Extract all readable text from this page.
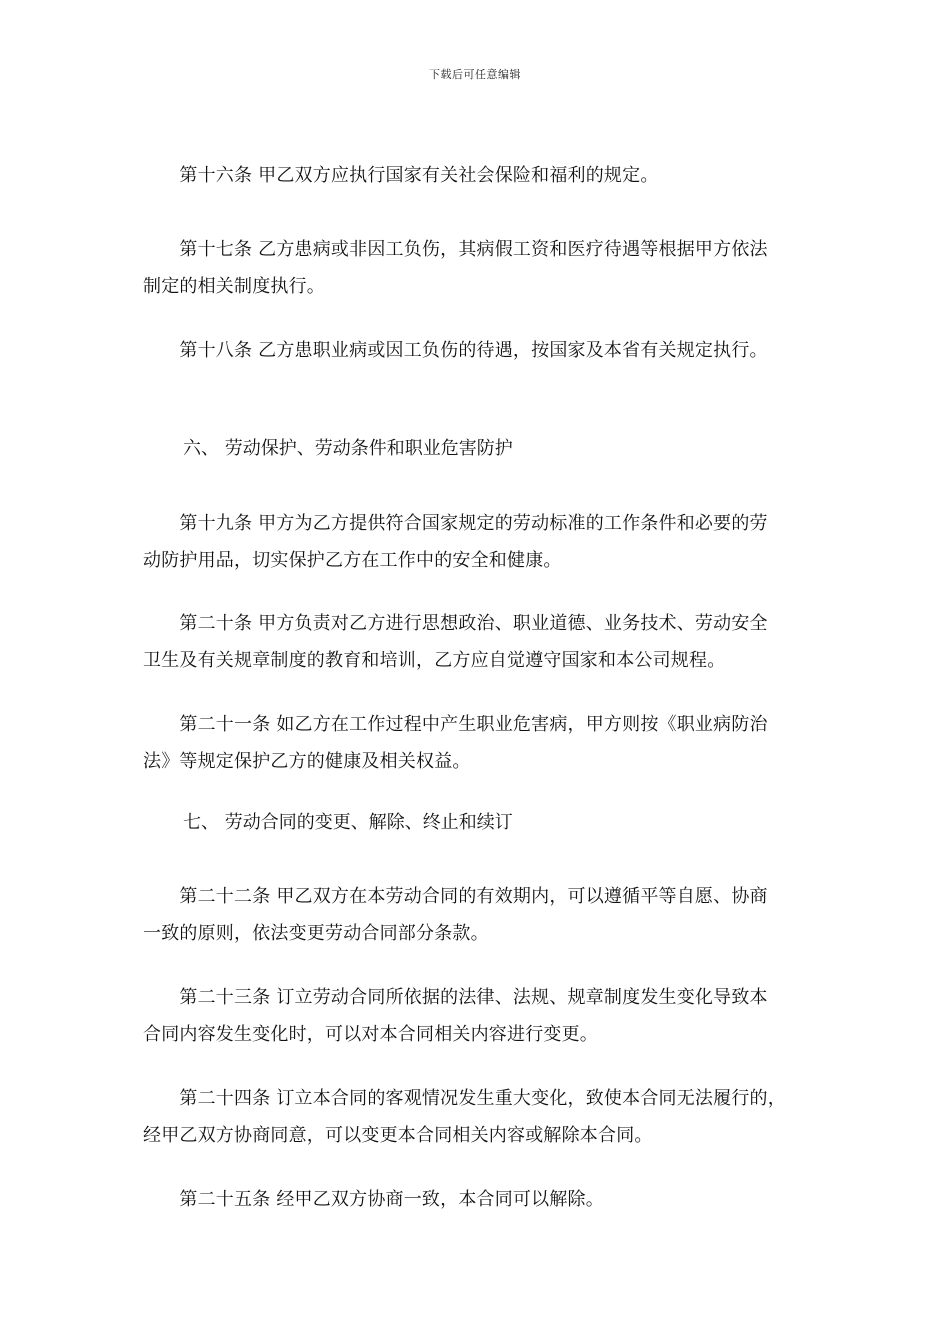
下载后可任意编辑
　　第十六条 甲乙双方应执行国家有关社会保险和福利的规定。
　　第十七条 乙方患病或非因工负伤，其病假工资和医疗待遇等根据甲方依法
制定的相关制度执行。
　　第十八条 乙方患职业病或因工负伤的待遇，按国家及本省有关规定执行。
六、 劳动保护、劳动条件和职业危害防护
　　第十九条 甲方为乙方提供符合国家规定的劳动标准的工作条件和必要的劳
动防护用品，切实保护乙方在工作中的安全和健康。
　　第二十条 甲方负责对乙方进行思想政治、职业道德、业务技术、劳动安全
卫生及有关规章制度的教育和培训，乙方应自觉遵守国家和本公司规程。
　　第二十一条 如乙方在工作过程中产生职业危害病，甲方则按《职业病防治
法》等规定保护乙方的健康及相关权益。
七、 劳动合同的变更、解除、终止和续订
　　第二十二条 甲乙双方在本劳动合同的有效期内，可以遵循平等自愿、协商
一致的原则，依法变更劳动合同部分条款。
　　第二十三条 订立劳动合同所依据的法律、法规、规章制度发生变化导致本
合同内容发生变化时，可以对本合同相关内容进行变更。
　　第二十四条 订立本合同的客观情况发生重大变化，致使本合同无法履行的，
经甲乙双方协商同意，可以变更本合同相关内容或解除本合同。
　　第二十五条 经甲乙双方协商一致，本合同可以解除。
